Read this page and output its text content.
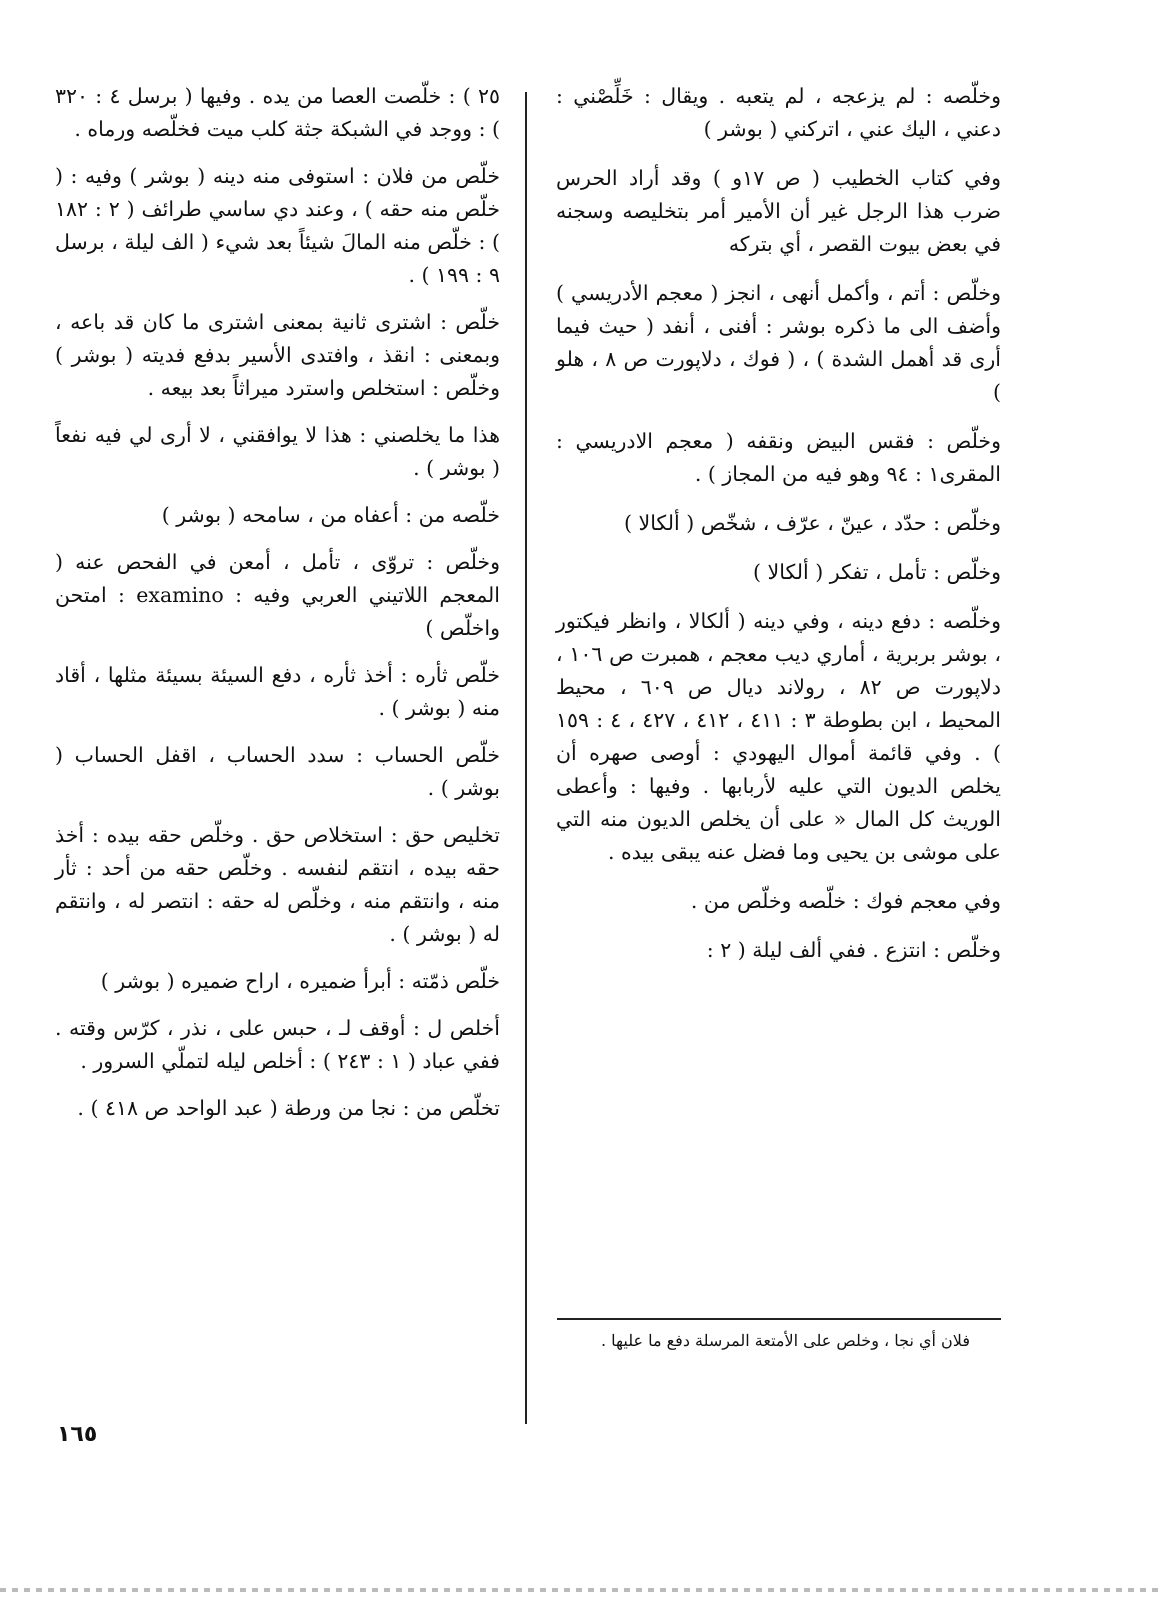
وخلّصه : لم يزعجه ، لم يتعبه . ويقال : خَلِّصْني : دعني ، اليك عني ، اتركني ( بوشر )

وفي كتاب الخطيب ( ص ١٧و ) وقد أراد الحرس ضرب هذا الرجل غير أن الأمير أمر بتخليصه وسجنه في بعض بيوت القصر ، أي بتركه

وخلّص : أتم ، وأكمل أنهى ، انجز ( معجم الأدريسي ) وأضف الى ما ذكره بوشر : أفنى ، أنفد ( حيث فيما أرى قد أهمل الشدة ) ، ( فوك ، دلاپورت ص ٨ ، هلو )

وخلّص : فقس البيض ونقفه ( معجم الادريسي : المقرى١ : ٩٤ وهو فيه من المجاز ) .

وخلّص : حدّد ، عينّ ، عرّف ، شخّص ( ألكالا )

وخلّص : تأمل ، تفكر ( ألكالا )

وخلّصه : دفع دينه ، وفي دينه ( ألكالا ، وانظر فيكتور ، بوشر بربرية ، أماري ديب معجم ، همبرت ص ١٠٦ ، دلاپورت ص ٨٢ ، رولاند ديال ص ٦٠٩ ، محيط المحيط ، ابن بطوطة ٣ : ٤١١ ، ٤١٢ ، ٤٢٧ ، ٤ : ١٥٩ ) . وفي قائمة أموال اليهودي : أوصى صهره أن يخلص الديون التي عليه لأربابها . وفيها : وأعطى الوريث كل المال « على أن يخلص الديون منه التي على موشى بن يحيى وما فضل عنه يبقى بيده .

وفي معجم فوك : خلّصه وخلّص من .

وخلّص : انتزع . ففي ألف ليلة ( ٢ :

٢٥ ) : خلّصت العصا من يده . وفيها ( برسل ٤ : ٣٢٠ ) : ووجد في الشبكة جثة كلب ميت فخلّصه ورماه .

خلّص من فلان : استوفى منه دينه ( بوشر ) وفيه : ( خلّص منه حقه ) ، وعند دي ساسي طرائف ( ٢ : ١٨٢ ) : خلّص منه المالَ شيئاً بعد شيء ( الف ليلة ، برسل ٩ : ١٩٩ ) .

خلّص : اشترى ثانية بمعنى اشترى ما كان قد باعه ، وبمعنى : انقذ ، وافتدى الأسير بدفع فديته ( بوشر ) وخلّص : استخلص واسترد ميراثاً بعد بيعه .

هذا ما يخلصني : هذا لا يوافقني ، لا أرى لي فيه نفعاً ( بوشر ) .

خلّصه من : أعفاه من ، سامحه ( بوشر )

وخلّص : تروّى ، تأمل ، أمعن في الفحص عنه ( المعجم اللاتيني العربي وفيه : examino : امتحن واخلّص )

خلّص ثأره : أخذ ثأره ، دفع السيئة بسيئة مثلها ، أقاد منه ( بوشر ) .

خلّص الحساب : سدد الحساب ، اقفل الحساب ( بوشر ) .

تخليص حق : استخلاص حق . وخلّص حقه بيده : أخذ حقه بيده ، انتقم لنفسه . وخلّص حقه من أحد : ثأر منه ، وانتقم منه ، وخلّص له حقه : انتصر له ، وانتقم له ( بوشر ) .

خلّص ذمّته : أبرأ ضميره ، اراح ضميره ( بوشر )

أخلص ل : أوقف لـ ، حبس على ، نذر ، كرّس وقته . ففي عباد ( ١ : ٢٤٣ ) : أخلص ليله لتملّي السرور .

تخلّص من : نجا من ورطة ( عبد الواحد ص ٤١٨ ) .

فلان أي نجا ، وخلص على الأمتعة المرسلة دفع ما عليها .
١٦٥
